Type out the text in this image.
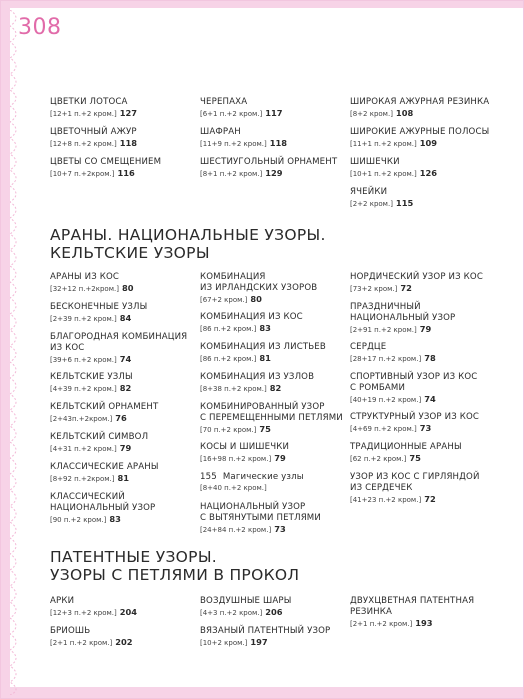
308
ЦВЕТКИ ЛОТОСА
[12+1 п.+2 кром.] 127
ЦВЕТОЧНЫЙ АЖУР
[12+8 п.+2 кром.] 118
ЦВЕТЫ СО СМЕЩЕНИЕМ
[10+7 п.+2кром.] 116
ЧЕРЕПАХА
[6+1 п.+2 кром.] 117
ШАФРАН
[11+9 п.+2 кром.] 118
ШЕСТИУГОЛЬНЫЙ ОРНАМЕНТ
[8+1 п.+2 кром.] 129
ШИРОКАЯ АЖУРНАЯ РЕЗИНКА
[8+2 кром.] 108
ШИРОКИЕ АЖУРНЫЕ ПОЛОСЫ
[11+1 п.+2 кром.] 109
ШИШЕЧКИ
[10+1 п.+2 кром.] 126
ЯЧЕЙКИ
[2+2 кром.] 115
АРАНЫ. НАЦИОНАЛЬНЫЕ УЗОРЫ.
КЕЛЬТСКИЕ УЗОРЫ
АРАНЫ ИЗ КОС
[32+12 п.+2кром.] 80
БЕСКОНЕЧНЫЕ УЗЛЫ
[2+39 п.+2 кром.] 84
БЛАГОРОДНАЯ КОМБИНАЦИЯ
ИЗ КОС
[39+6 п.+2 кром.] 74
КЕЛЬТСКИЕ УЗЛЫ
[4+39 п.+2 кром.] 82
КЕЛЬТСКИЙ ОРНАМЕНТ
[2+43п.+2кром.] 76
КЕЛЬТСКИЙ СИМВОЛ
[4+31 п.+2 кром.] 79
КЛАССИЧЕСКИЕ АРАНЫ
[8+92 п.+2кром.] 81
КЛАССИЧЕСКИЙ
НАЦИОНАЛЬНЫЙ УЗОР
[90 п.+2 кром.] 83
КОМБИНАЦИЯ
ИЗ ИРЛАНДСКИХ УЗОРОВ
[67+2 кром.] 80
КОМБИНАЦИЯ ИЗ КОС
[86 п.+2 кром.] 83
КОМБИНАЦИЯ ИЗ ЛИСТЬЕВ
[86 п.+2 кром.] 81
КОМБИНАЦИЯ ИЗ УЗЛОВ
[8+38 п.+2 кром.] 82
КОМБИНИРОВАННЫЙ УЗОР
С ПЕРЕМЕЩЕННЫМИ ПЕТЛЯМИ
[70 п.+2 кром.] 75
КОСЫ И ШИШЕЧКИ
[16+98 п.+2 кром.] 79
155 Магические узлы
[8+40 п.+2 кром.]
НАЦИОНАЛЬНЫЙ УЗОР
С ВЫТЯНУТЫМИ ПЕТЛЯМИ
[24+84 п.+2 кром.] 73
НОРДИЧЕСКИЙ УЗОР ИЗ КОС
[73+2 кром.] 72
ПРАЗДНИЧНЫЙ
НАЦИОНАЛЬНЫЙ УЗОР
[2+91 п.+2 кром.] 79
СЕРДЦЕ
[28+17 п.+2 кром.] 78
СПОРТИВНЫЙ УЗОР ИЗ КОС
С РОМБАМИ
[40+19 п.+2 кром.] 74
СТРУКТУРНЫЙ УЗОР ИЗ КОС
[4+69 п.+2 кром.] 73
ТРАДИЦИОННЫЕ АРАНЫ
[62 п.+2 кром.] 75
УЗОР ИЗ КОС С ГИРЛЯНДОЙ
ИЗ СЕРДЕЧЕК
[41+23 п.+2 кром.] 72
ПАТЕНТНЫЕ УЗОРЫ.
УЗОРЫ С ПЕТЛЯМИ В ПРОКОЛ
АРКИ
[12+3 п.+2 кром.] 204
БРИОШЬ
[2+1 п.+2 кром.] 202
ВОЗДУШНЫЕ ШАРЫ
[4+3 п.+2 кром.] 206
ВЯЗАНЫЙ ПАТЕНТНЫЙ УЗОР
[10+2 кром.] 197
ДВУХЦВЕТНАЯ ПАТЕНТНАЯ
РЕЗИНКА
[2+1 п.+2 кром.] 193
